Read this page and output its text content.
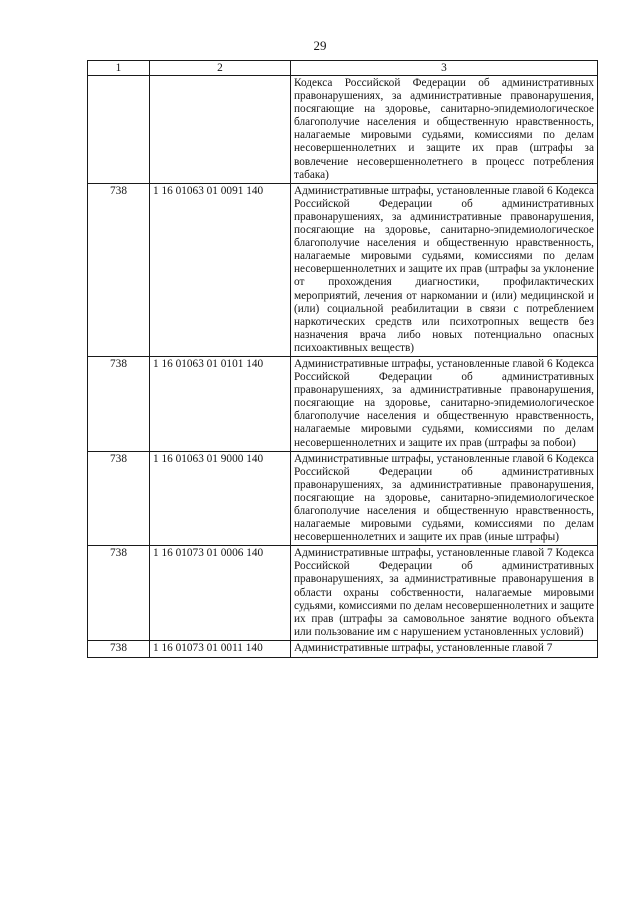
29
1	2	3
		Кодекса Российской Федерации об административных правонарушениях, за административные правонарушения, посягающие на здоровье, санитарно-эпидемиологическое благополучие населения и общественную нравственность, налагаемые мировыми судьями, комиссиями по делам несовершеннолетних и защите их прав (штрафы за вовлечение несовершеннолетнего в процесс потребления табака)
738	1 16 01063 01 0091 140	Административные штрафы, установленные главой 6 Кодекса Российской Федерации об административных правонарушениях, за административные правонарушения, посягающие на здоровье, санитарно-эпидемиологическое благополучие населения и общественную нравственность, налагаемые мировыми судьями, комиссиями по делам несовершеннолетних и защите их прав (штрафы за уклонение от прохождения диагностики, профилактических мероприятий, лечения от наркомании и (или) медицинской и (или) социальной реабилитации в связи с потреблением наркотических средств или психотропных веществ без назначения врача либо новых потенциально опасных психоактивных веществ)
738	1 16 01063 01 0101 140	Административные штрафы, установленные главой 6 Кодекса Российской Федерации об административных правонарушениях, за административные правонарушения, посягающие на здоровье, санитарно-эпидемиологическое благополучие населения и общественную нравственность, налагаемые мировыми судьями, комиссиями по делам несовершеннолетних и защите их прав (штрафы за побои)
738	1 16 01063 01 9000 140	Административные штрафы, установленные главой 6 Кодекса Российской Федерации об административных правонарушениях, за административные правонарушения, посягающие на здоровье, санитарно-эпидемиологическое благополучие населения и общественную нравственность, налагаемые мировыми судьями, комиссиями по делам несовершеннолетних и защите их прав (иные штрафы)
738	1 16 01073 01 0006 140	Административные штрафы, установленные главой 7 Кодекса Российской Федерации об административных правонарушениях, за административные правонарушения в области охраны собственности, налагаемые мировыми судьями, комиссиями по делам несовершеннолетних и защите их прав (штрафы за самовольное занятие водного объекта или пользование им с нарушением установленных условий)
738	1 16 01073 01 0011 140	Административные штрафы, установленные главой 7
